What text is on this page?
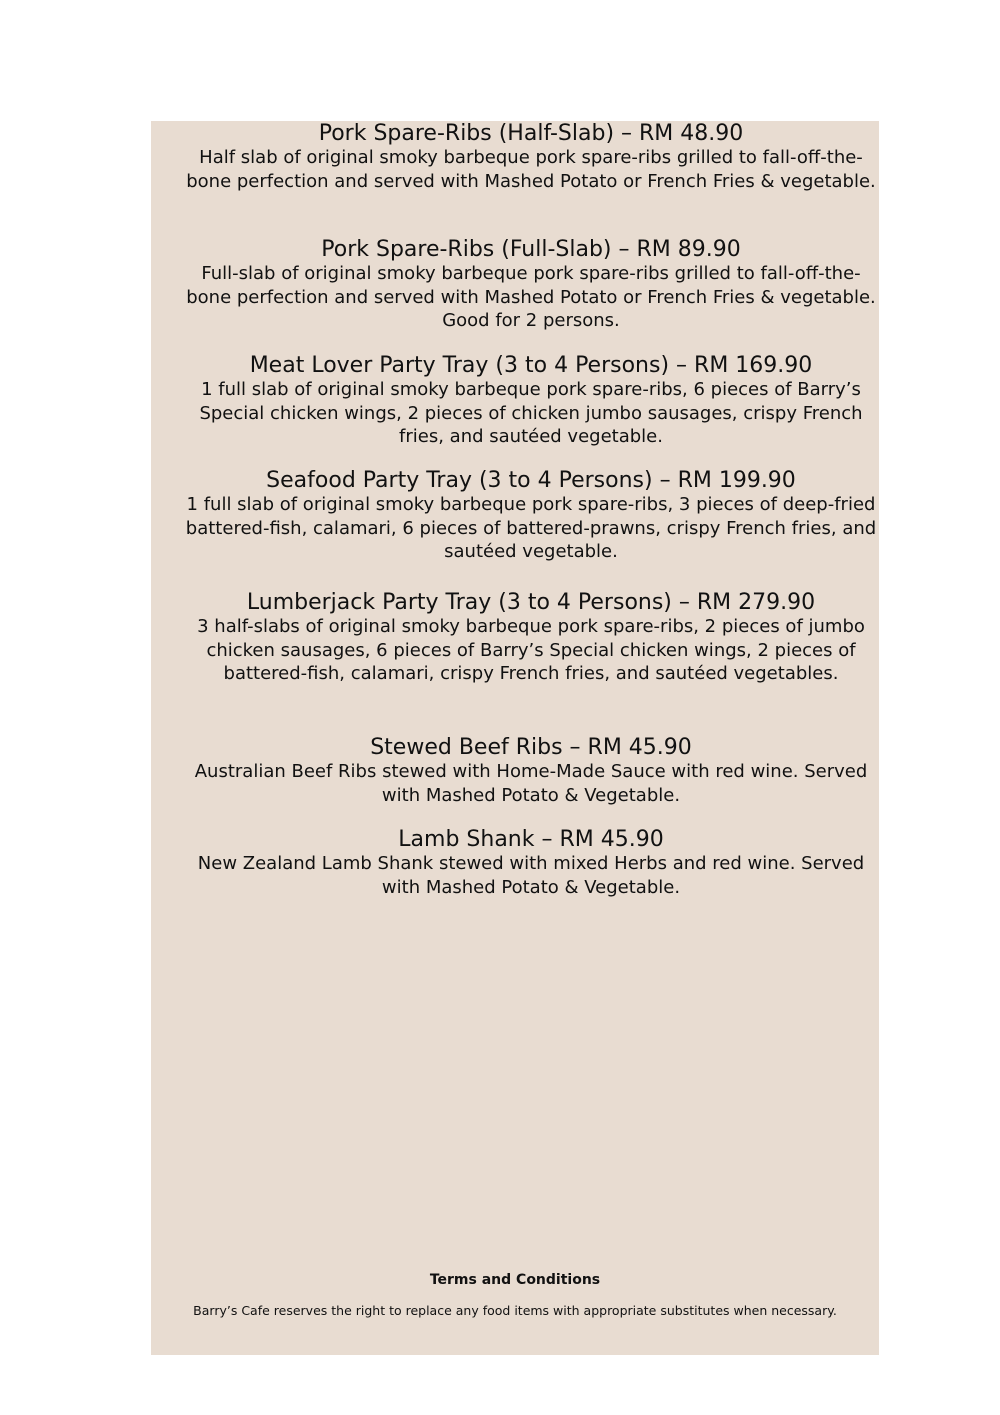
Pork Spare-Ribs (Half-Slab) – RM 48.90
Half slab of original smoky barbeque pork spare-ribs grilled to fall-off-the-bone perfection and served with Mashed Potato or French Fries & vegetable.
Pork Spare-Ribs (Full-Slab) – RM 89.90
Full-slab of original smoky barbeque pork spare-ribs grilled to fall-off-the-bone perfection and served with Mashed Potato or French Fries & vegetable. Good for 2 persons.
Meat Lover Party Tray (3 to 4 Persons) – RM 169.90
1 full slab of original smoky barbeque pork spare-ribs, 6 pieces of Barry’s Special chicken wings, 2 pieces of chicken jumbo sausages, crispy French fries, and sautéed vegetable.
Seafood Party Tray (3 to 4 Persons) – RM 199.90
1 full slab of original smoky barbeque pork spare-ribs, 3 pieces of deep-fried battered-fish, calamari, 6 pieces of battered-prawns, crispy French fries, and sautéed vegetable.
Lumberjack Party Tray (3 to 4 Persons) – RM 279.90
3 half-slabs of original smoky barbeque pork spare-ribs, 2 pieces of jumbo chicken sausages, 6 pieces of Barry’s Special chicken wings, 2 pieces of battered-fish, calamari, crispy French fries, and sautéed vegetables.
Stewed Beef Ribs – RM 45.90
Australian Beef Ribs stewed with Home-Made Sauce with red wine. Served with Mashed Potato & Vegetable.
Lamb Shank – RM 45.90
New Zealand Lamb Shank stewed with mixed Herbs and red wine. Served with Mashed Potato & Vegetable.
Terms and Conditions
Barry’s Cafe reserves the right to replace any food items with appropriate substitutes when necessary.
